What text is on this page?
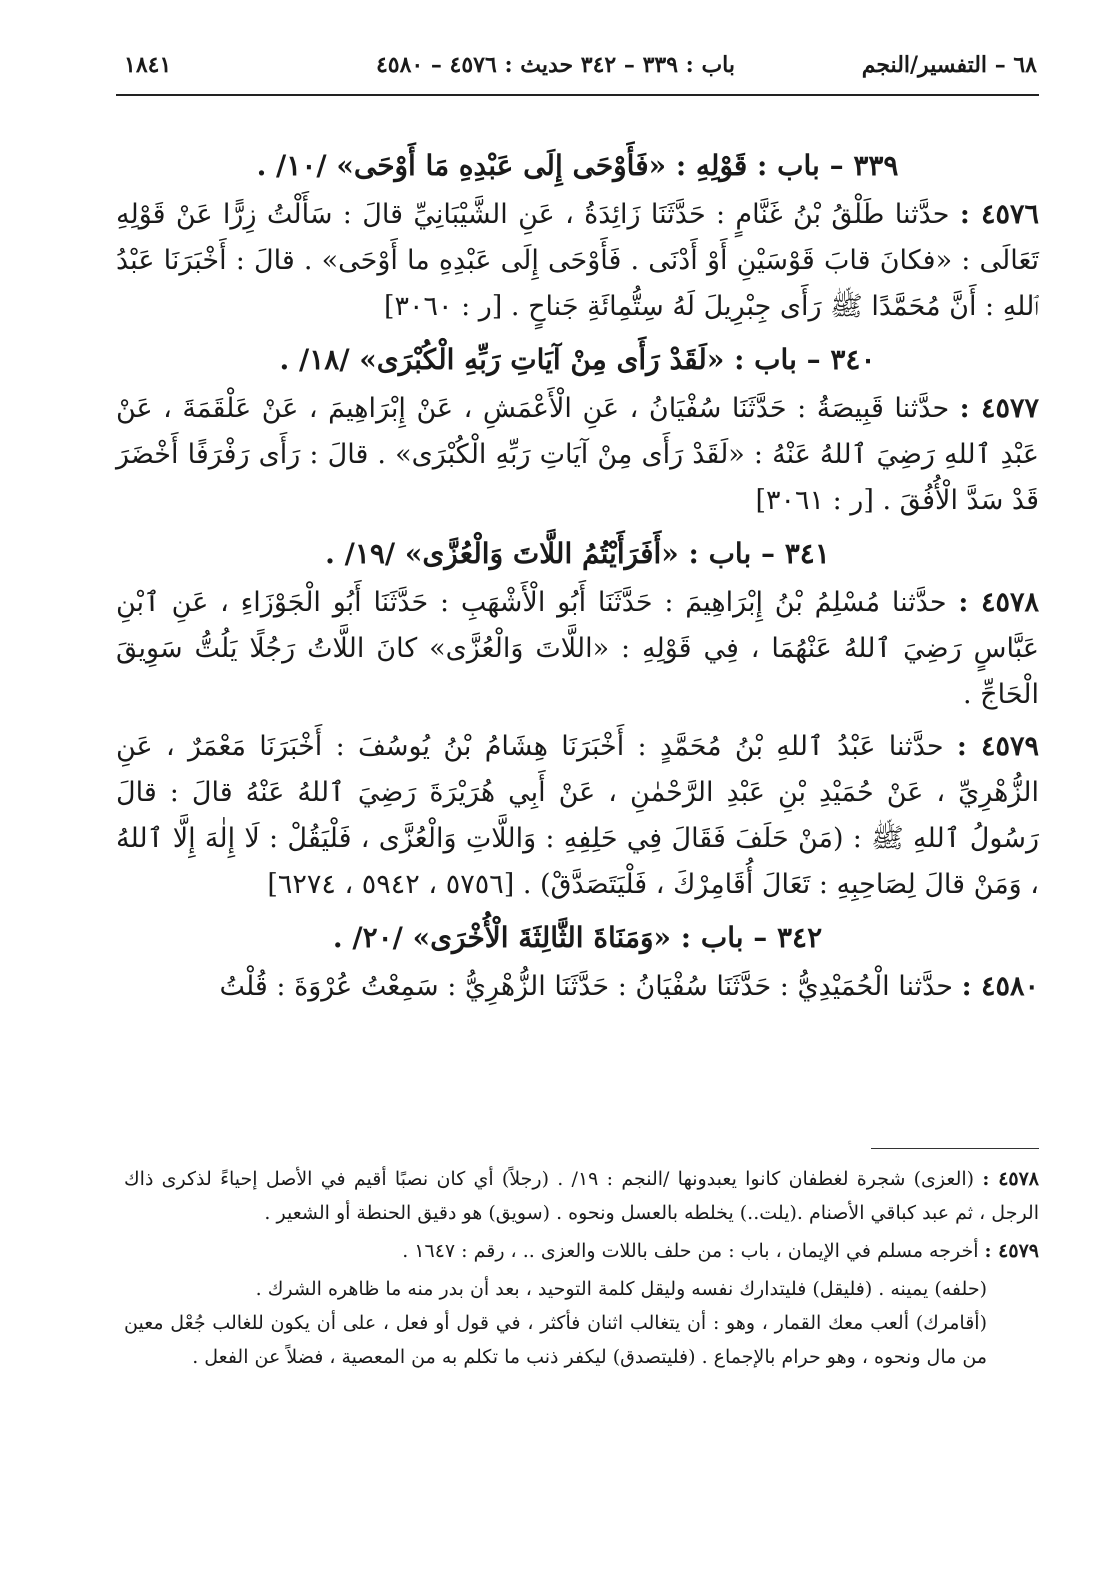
٦٨ – التفسير/النجم
باب : ٣٣٩ – ٣٤٢ حديث : ٤٥٧٦ – ٤٥٨٠
١٨٤١
٣٣٩ – باب : قَوْلِهِ : «فَأَوْحَى إِلَى عَبْدِهِ مَا أَوْحَى» /١٠/ .

٤٥٧٦ : حدَّثنا طَلْقُ بْنُ غَنَّامٍ : حَدَّثَنَا زَائِدَةُ ، عَنِ الشَّيْبَانِيِّ قالَ : سَأَلْتُ زِرًّا عَنْ قَوْلِهِ تَعَالَى : «فكانَ قابَ قَوْسَيْنِ أَوْ أَدْنَى . فَأَوْحَى إِلَى عَبْدِهِ ما أَوْحَى» . قالَ : أَخْبَرَنَا عَبْدُ ٱللهِ : أَنَّ مُحَمَّدًا ﷺ رَأَى جِبْرِيلَ لَهُ سِتُّمِائَةِ جَناحٍ . [ر : ٣٠٦٠]

٣٤٠ – باب : «لَقَدْ رَأَى مِنْ آيَاتِ رَبِّهِ الْكُبْرَى» /١٨/ .

٤٥٧٧ : حدَّثنا قَبِيصَةُ : حَدَّثَنَا سُفْيَانُ ، عَنِ الْأَعْمَشِ ، عَنْ إِبْرَاهِيمَ ، عَنْ عَلْقَمَةَ ، عَنْ عَبْدِ ٱللهِ رَضِيَ ٱللهُ عَنْهُ : «لَقَدْ رَأَى مِنْ آيَاتِ رَبِّهِ الْكُبْرَى» . قالَ : رَأَى رَفْرَفًا أَخْضَرَ قَدْ سَدَّ الْأُفُقَ . [ر : ٣٠٦١]

٣٤١ – باب : «أَفَرَأَيْتُمُ اللَّاتَ وَالْعُزَّى» /١٩/ .

٤٥٧٨ : حدَّثنا مُسْلِمُ بْنُ إِبْرَاهِيمَ : حَدَّثَنَا أَبُو الْأَشْهَبِ : حَدَّثَنَا أَبُو الْجَوْزَاءِ ، عَنِ ٱبْنِ عَبَّاسٍ رَضِيَ ٱللهُ عَنْهُمَا ، فِي قَوْلِهِ : «اللَّاتَ وَالْعُزَّى» كانَ اللَّاتُ رَجُلًا يَلُتُّ سَوِيقَ الْحَاجِّ .

٤٥٧٩ : حدَّثنا عَبْدُ ٱللهِ بْنُ مُحَمَّدٍ : أَخْبَرَنَا هِشَامُ بْنُ يُوسُفَ : أَخْبَرَنَا مَعْمَرٌ ، عَنِ الزُّهْرِيِّ ، عَنْ حُمَيْدِ بْنِ عَبْدِ الرَّحْمٰنِ ، عَنْ أَبِي هُرَيْرَةَ رَضِيَ ٱللهُ عَنْهُ قالَ : قالَ رَسُولُ ٱللهِ ﷺ : (مَنْ حَلَفَ فَقَالَ فِي حَلِفِهِ : وَاللَّاتِ وَالْعُزَّى ، فَلْيَقُلْ : لَا إِلٰهَ إِلَّا ٱللهُ ، وَمَنْ قالَ لِصَاحِبِهِ : تَعَالَ أُقَامِرْكَ ، فَلْيَتَصَدَّقْ) . [٥٧٥٦ ، ٥٩٤٢ ، ٦٢٧٤]

٣٤٢ – باب : «وَمَنَاةَ الثَّالِثَةَ الْأُخْرَى» /٢٠/ .

٤٥٨٠ : حدَّثنا الْحُمَيْدِيُّ : حَدَّثَنَا سُفْيَانُ : حَدَّثَنَا الزُّهْرِيُّ : سَمِعْتُ عُرْوَةَ : قُلْتُ

٤٥٧٨ : (العزى) شجرة لغطفان كانوا يعبدونها /النجم : ١٩/ . (رجلاً) أي كان نصبًا أقيم في الأصل إحياءً لذكرى ذاك الرجل ، ثم عبد كباقي الأصنام .(يلت..) يخلطه بالعسل ونحوه . (سويق) هو دقيق الحنطة أو الشعير .

٤٥٧٩ : أخرجه مسلم في الإيمان ، باب : من حلف باللات والعزى .. ، رقم : ١٦٤٧ .

(حلفه) يمينه . (فليقل) فليتدارك نفسه وليقل كلمة التوحيد ، بعد أن بدر منه ما ظاهره الشرك .

(أقامرك) ألعب معك القمار ، وهو : أن يتغالب اثنان فأكثر ، في قول أو فعل ، على أن يكون للغالب جُعْل معين من مال ونحوه ، وهو حرام بالإجماع . (فليتصدق) ليكفر ذنب ما تكلم به من المعصية ، فضلاً عن الفعل .
